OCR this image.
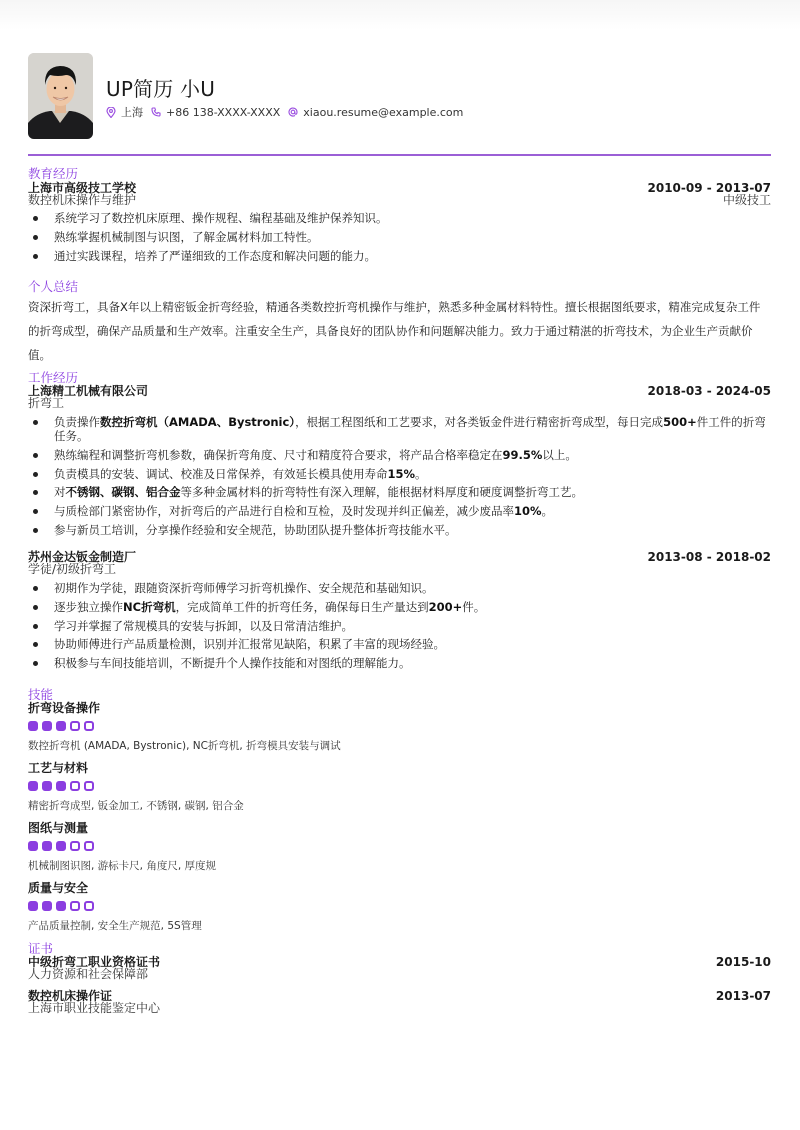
UP简历 小U
上海 +86 138-XXXX-XXXX xiaou.resume@example.com
教育经历
上海市高级技工学校
数控机床操作与维护
2010-09 - 2013-07
中级技工
系统学习了数控机床原理、操作规程、编程基础及维护保养知识。
熟练掌握机械制图与识图，了解金属材料加工特性。
通过实践课程，培养了严谨细致的工作态度和解决问题的能力。
个人总结
资深折弯工，具备X年以上精密钣金折弯经验，精通各类数控折弯机操作与维护，熟悉多种金属材料特性。擅长根据图纸要求，精准完成复杂工件的折弯成型，确保产品质量和生产效率。注重安全生产，具备良好的团队协作和问题解决能力。致力于通过精湛的折弯技术，为企业生产贡献价值。
工作经历
上海精工机械有限公司
折弯工
2018-03 - 2024-05
负责操作数控折弯机（AMADA、Bystronic），根据工程图纸和工艺要求，对各类钣金件进行精密折弯成型，每日完成500+件工件的折弯任务。
熟练编程和调整折弯机参数，确保折弯角度、尺寸和精度符合要求，将产品合格率稳定在99.5%以上。
负责模具的安装、调试、校准及日常保养，有效延长模具使用寿命15%。
对不锈钢、碳钢、铝合金等多种金属材料的折弯特性有深入理解，能根据材料厚度和硬度调整折弯工艺。
与质检部门紧密协作，对折弯后的产品进行自检和互检，及时发现并纠正偏差，减少废品率10%。
参与新员工培训，分享操作经验和安全规范，协助团队提升整体折弯技能水平。
苏州金达钣金制造厂
学徒/初级折弯工
2013-08 - 2018-02
初期作为学徒，跟随资深折弯师傅学习折弯机操作、安全规范和基础知识。
逐步独立操作NC折弯机，完成简单工件的折弯任务，确保每日生产量达到200+件。
学习并掌握了常规模具的安装与拆卸，以及日常清洁维护。
协助师傅进行产品质量检测，识别并汇报常见缺陷，积累了丰富的现场经验。
积极参与车间技能培训，不断提升个人操作技能和对图纸的理解能力。
技能
折弯设备操作
数控折弯机 (AMADA, Bystronic), NC折弯机, 折弯模具安装与调试
工艺与材料
精密折弯成型, 钣金加工, 不锈钢, 碳钢, 铝合金
图纸与测量
机械制图识图, 游标卡尺, 角度尺, 厚度规
质量与安全
产品质量控制, 安全生产规范, 5S管理
证书
中级折弯工职业资格证书
人力资源和社会保障部
2015-10
数控机床操作证
上海市职业技能鉴定中心
2013-07
